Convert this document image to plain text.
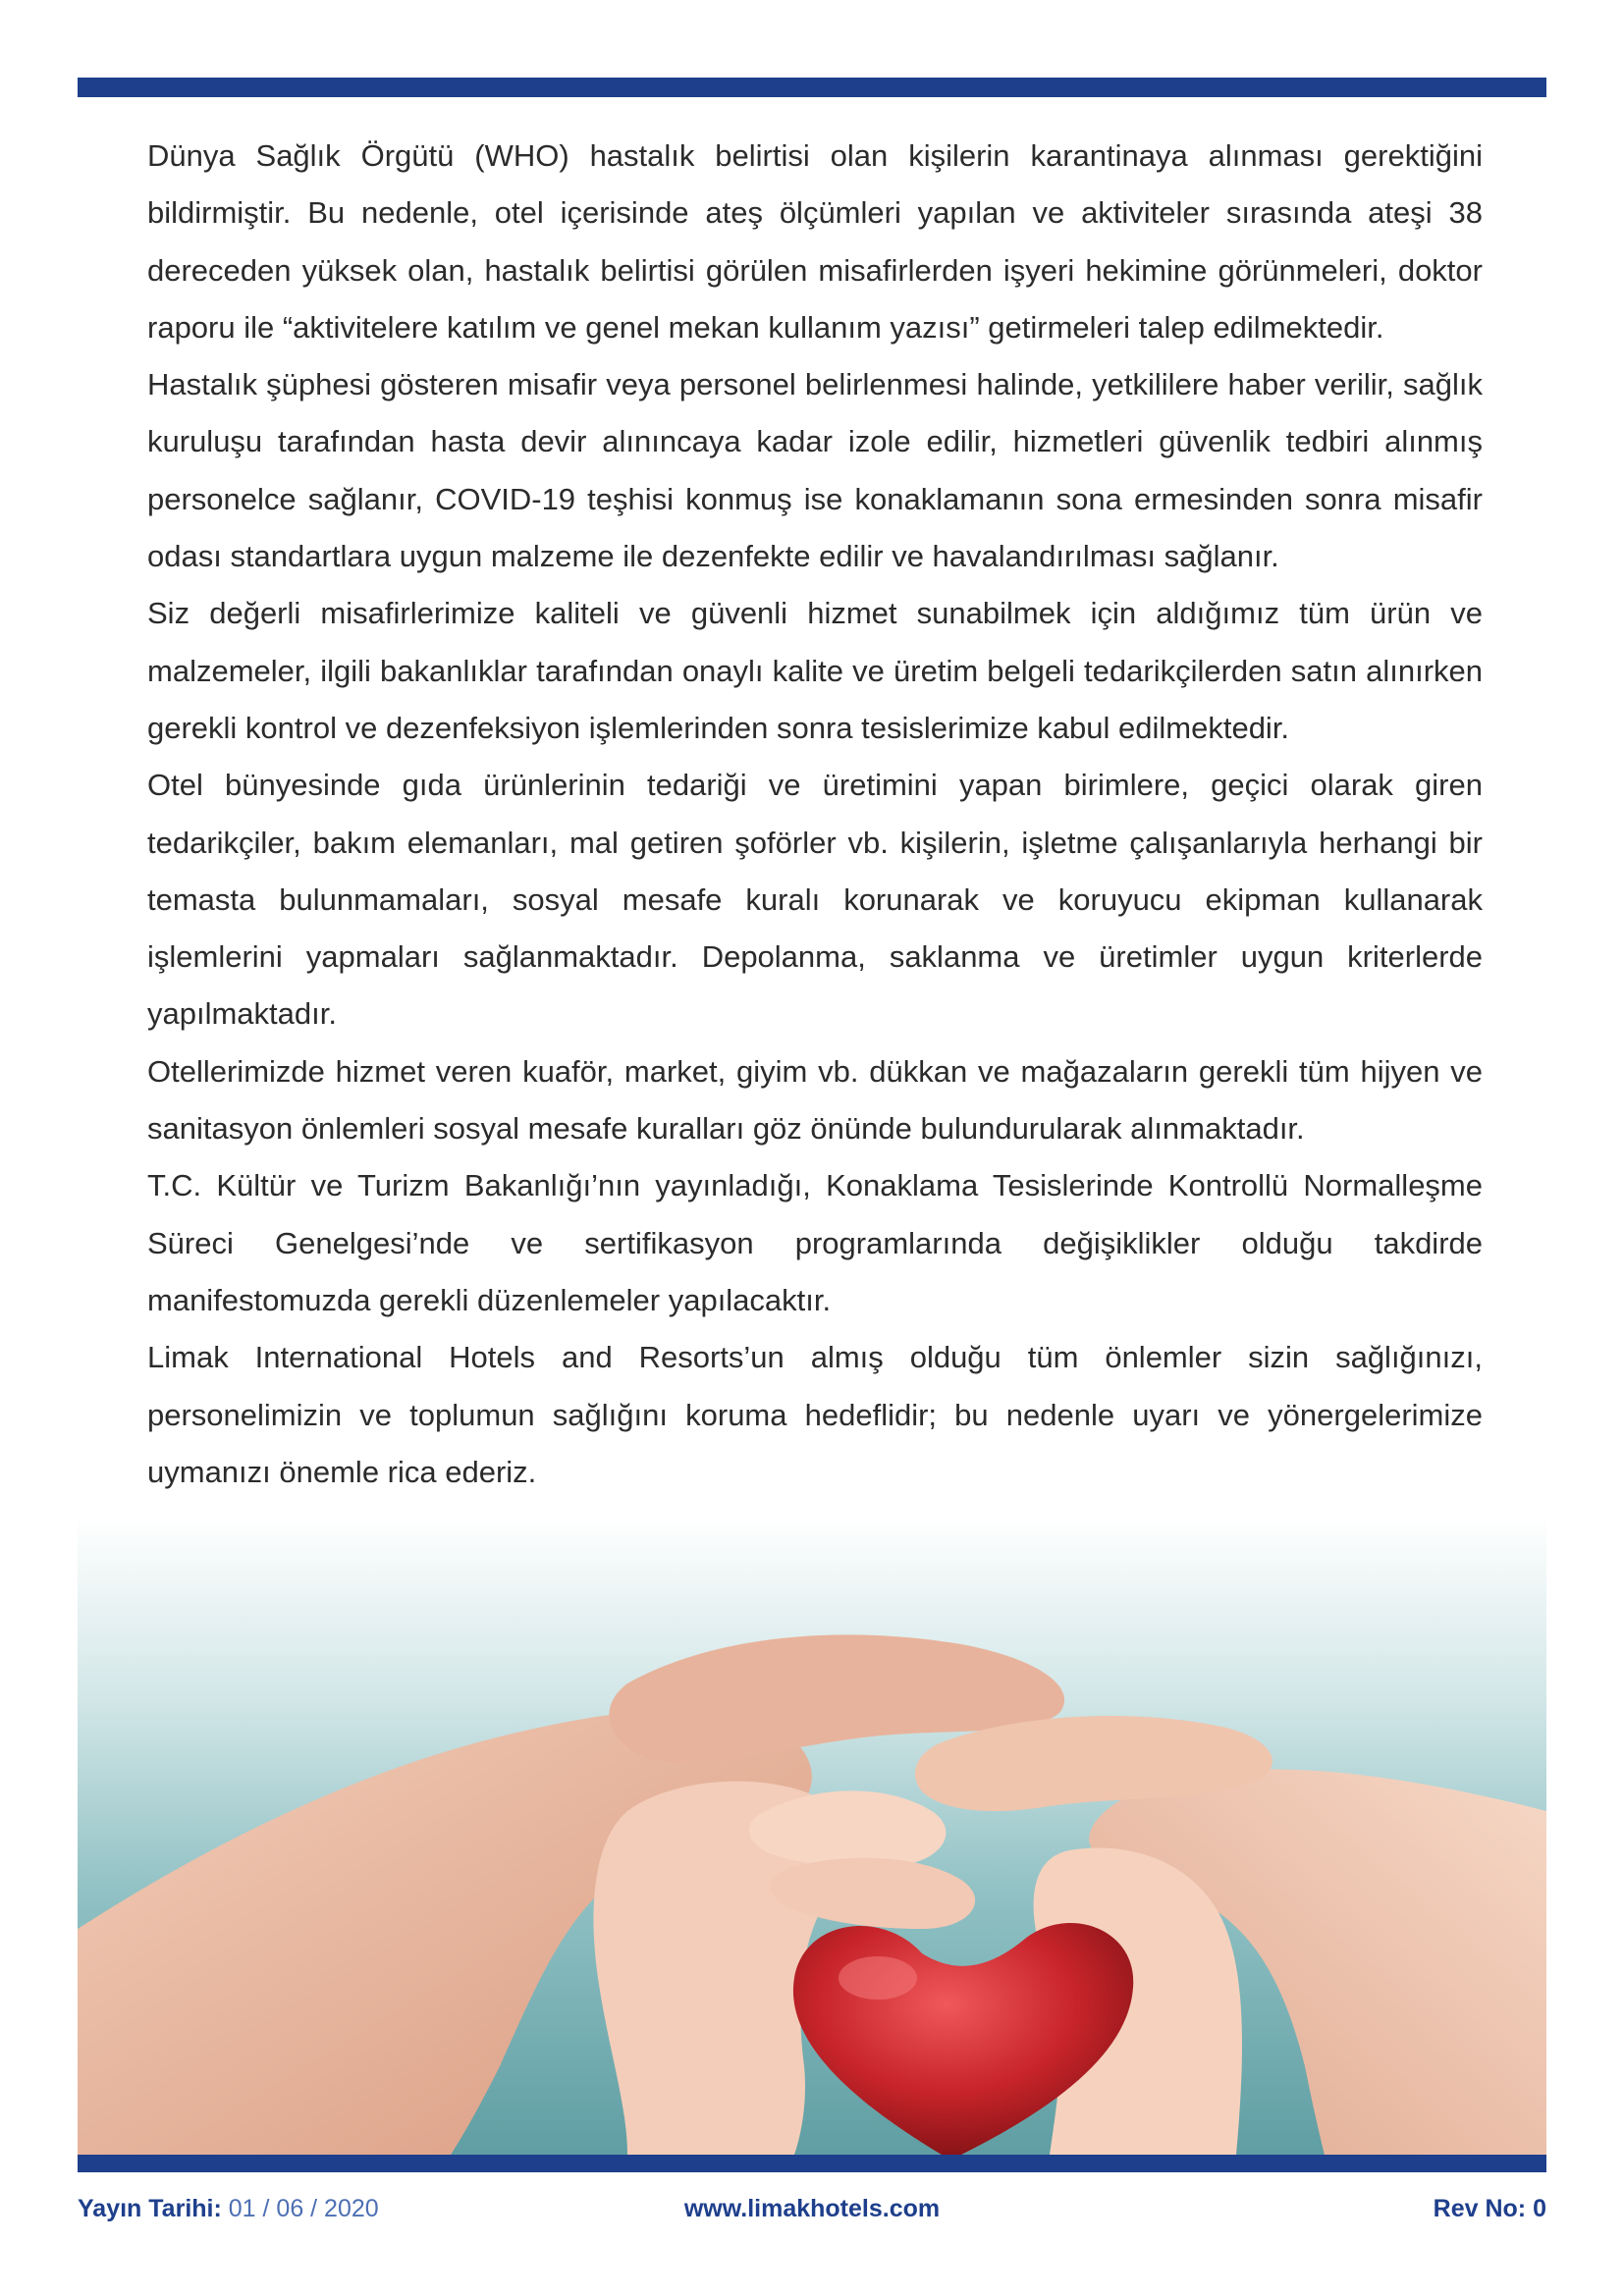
Dünya Sağlık Örgütü (WHO) hastalık belirtisi olan kişilerin karantinaya alınması gerektiğini bildirmiştir. Bu nedenle, otel içerisinde ateş ölçümleri yapılan ve aktiviteler sırasında ateşi 38 dereceden yüksek olan, hastalık belirtisi görülen misafirlerden işyeri hekimine görünmeleri, doktor raporu ile “aktivitelere katılım ve genel mekan kullanım yazısı” getirmeleri talep edilmektedir.

Hastalık şüphesi gösteren misafir veya personel belirlenmesi halinde, yetkililere haber verilir, sağlık kuruluşu tarafından hasta devir alınıncaya kadar izole edilir, hizmetleri güvenlik tedbiri alınmış personelce sağlanır, COVID-19 teşhisi konmuş ise konaklamanın sona ermesinden sonra misafir odası standartlara uygun malzeme ile dezenfekte edilir ve havalandırılması sağlanır.

Siz değerli misafirlerimize kaliteli ve güvenli hizmet sunabilmek için aldığımız tüm ürün ve malzemeler, ilgili bakanlıklar tarafından onaylı kalite ve üretim belgeli tedarikçilerden satın alınırken gerekli kontrol ve dezenfeksiyon işlemlerinden sonra tesislerimize kabul edilmektedir.

Otel bünyesinde gıda ürünlerinin tedariği ve üretimini yapan birimlere, geçici olarak giren tedarikçiler, bakım elemanları, mal getiren şoförler vb. kişilerin, işletme çalışanlarıyla herhangi bir temasta bulunmamaları, sosyal mesafe kuralı korunarak ve koruyucu ekipman kullanarak işlemlerini yapmaları sağlanmaktadır. Depolanma, saklanma ve üretimler uygun kriterlerde yapılmaktadır.

Otellerimizde hizmet veren kuaför, market, giyim vb. dükkan ve mağazaların gerekli tüm hijyen ve sanitasyon önlemleri sosyal mesafe kuralları göz önünde bulundurularak alınmaktadır.

T.C. Kültür ve Turizm Bakanlığı’nın yayınladığı, Konaklama Tesislerinde Kontrollü Normalleşme Süreci Genelgesi’nde ve sertifikasyon programlarında değişiklikler olduğu takdirde manifestomuzda gerekli düzenlemeler yapılacaktır.

Limak International Hotels and Resorts’un almış olduğu tüm önlemler sizin sağlığınızı, personelimizin ve toplumun sağlığını koruma hedeflidir; bu nedenle uyarı ve yönergelerimize uymanızı önemle rica ederiz.

Yayın Tarihi: 01 / 06 / 2020	www.limakhotels.com	Rev No: 0
